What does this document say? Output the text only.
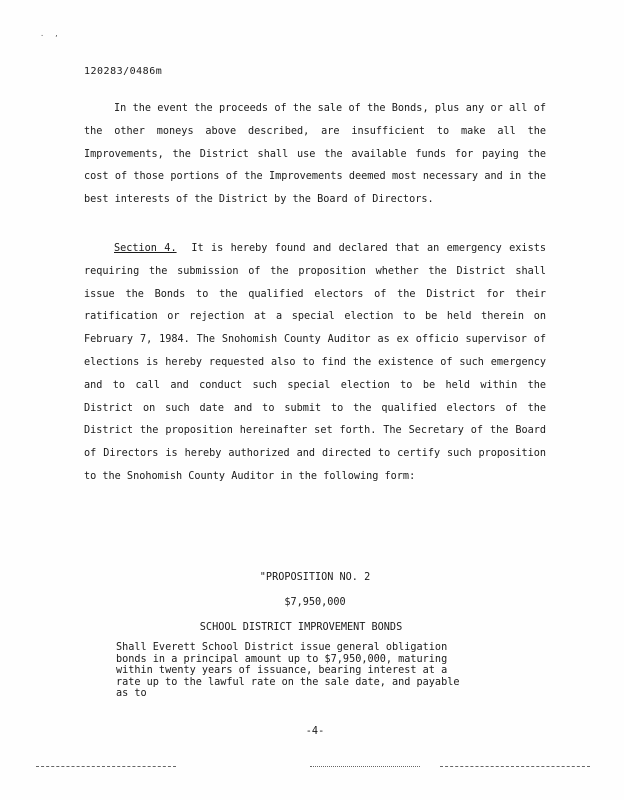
. ,
120283/0486m
In the event the proceeds of the sale of the Bonds, plus any or all of the other moneys above described, are insufficient to make all the Improvements, the District shall use the available funds for paying the cost of those portions of the Improvements deemed most necessary and in the best interests of the District by the Board of Directors.
Section 4. It is hereby found and declared that an emergency exists requiring the submission of the proposition whether the District shall issue the Bonds to the qualified electors of the District for their ratification or rejection at a special election to be held therein on February 7, 1984. The Snohomish County Auditor as ex officio supervisor of elections is hereby requested also to find the existence of such emergency and to call and conduct such special election to be held within the District on such date and to submit to the qualified electors of the District the proposition hereinafter set forth. The Secretary of the Board of Directors is hereby authorized and directed to certify such proposition to the Snohomish County Auditor in the following form:
"PROPOSITION NO. 2
$7,950,000
SCHOOL DISTRICT IMPROVEMENT BONDS
Shall Everett School District issue general obligation bonds in a principal amount up to $7,950,000, maturing within twenty years of issuance, bearing interest at a rate up to the lawful rate on the sale date, and payable as to
-4-
